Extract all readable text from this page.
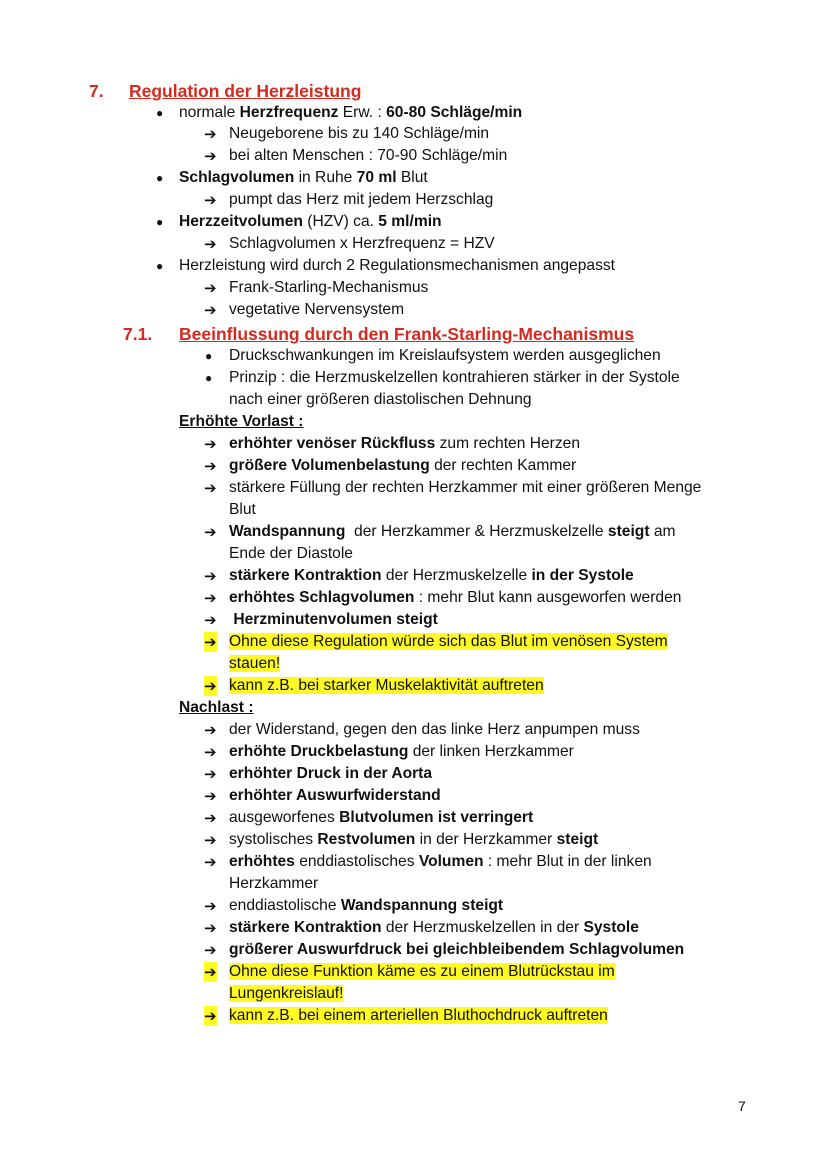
7. Regulation der Herzleistung
● normale Herzfrequenz Erw. : 60-80 Schläge/min
➔ Neugeborene bis zu 140 Schläge/min
➔ bei alten Menschen : 70-90 Schläge/min
● Schlagvolumen in Ruhe 70 ml Blut
➔ pumpt das Herz mit jedem Herzschlag
● Herzzeitvolumen (HZV) ca. 5 ml/min
➔ Schlagvolumen x Herzfrequenz = HZV
● Herzleistung wird durch 2 Regulationsmechanismen angepasst
➔ Frank-Starling-Mechanismus
➔ vegetative Nervensystem
7.1. Beeinflussung durch den Frank-Starling-Mechanismus
● Druckschwankungen im Kreislaufsystem werden ausgeglichen
● Prinzip : die Herzmuskelzellen kontrahieren stärker in der Systole
nach einer größeren diastolischen Dehnung
Erhöhte Vorlast :
➔ erhöhter venöser Rückfluss zum rechten Herzen
➔ größere Volumenbelastung der rechten Kammer
➔ stärkere Füllung der rechten Herzkammer mit einer größeren Menge
Blut
➔ Wandspannung  der Herzkammer & Herzmuskelzelle steigt am
Ende der Diastole
➔ stärkere Kontraktion der Herzmuskelzelle in der Systole
➔ erhöhtes Schlagvolumen : mehr Blut kann ausgeworfen werden
➔ Herzminutenvolumen steigt
➔ Ohne diese Regulation würde sich das Blut im venösen System
stauen!
➔ kann z.B. bei starker Muskelaktivität auftreten
Nachlast :
➔ der Widerstand, gegen den das linke Herz anpumpen muss
➔ erhöhte Druckbelastung der linken Herzkammer
➔ erhöhter Druck in der Aorta
➔ erhöhter Auswurfwiderstand
➔ ausgeworfenes Blutvolumen ist verringert
➔ systolisches Restvolumen in der Herzkammer steigt
➔ erhöhtes enddiastolisches Volumen : mehr Blut in der linken
Herzkammer
➔ enddiastolische Wandspannung steigt
➔ stärkere Kontraktion der Herzmuskelzellen in der Systole
➔ größerer Auswurfdruck bei gleichbleibendem Schlagvolumen
➔ Ohne diese Funktion käme es zu einem Blutrückstau im
Lungenkreislauf!
➔ kann z.B. bei einem arteriellen Bluthochdruck auftreten
7
